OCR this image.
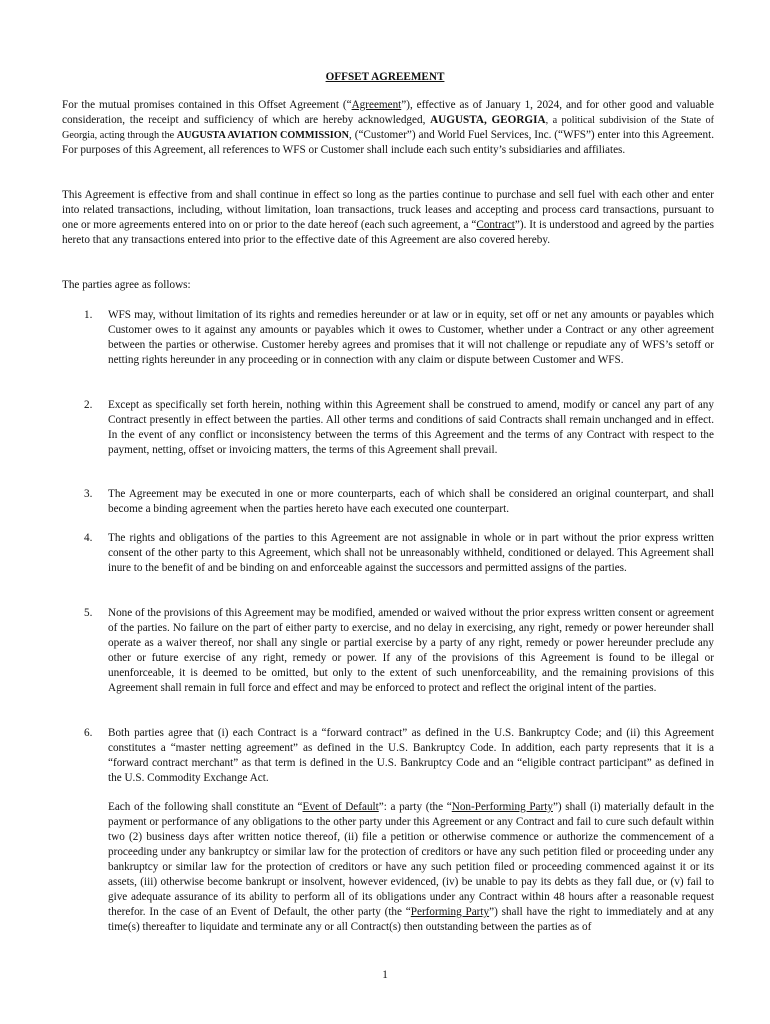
OFFSET AGREEMENT
For the mutual promises contained in this Offset Agreement (“Agreement”), effective as of January 1, 2024, and for other good and valuable consideration, the receipt and sufficiency of which are hereby acknowledged, AUGUSTA, GEORGIA, a political subdivision of the State of Georgia, acting through the AUGUSTA AVIATION COMMISSION, (“Customer”) and World Fuel Services, Inc. (“WFS”) enter into this Agreement. For purposes of this Agreement, all references to WFS or Customer shall include each such entity’s subsidiaries and affiliates.
This Agreement is effective from and shall continue in effect so long as the parties continue to purchase and sell fuel with each other and enter into related transactions, including, without limitation, loan transactions, truck leases and accepting and process card transactions, pursuant to one or more agreements entered into on or prior to the date hereof (each such agreement, a “Contract”). It is understood and agreed by the parties hereto that any transactions entered into prior to the effective date of this Agreement are also covered hereby.
The parties agree as follows:
1.	WFS may, without limitation of its rights and remedies hereunder or at law or in equity, set off or net any amounts or payables which Customer owes to it against any amounts or payables which it owes to Customer, whether under a Contract or any other agreement between the parties or otherwise. Customer hereby agrees and promises that it will not challenge or repudiate any of WFS’s setoff or netting rights hereunder in any proceeding or in connection with any claim or dispute between Customer and WFS.
2.	Except as specifically set forth herein, nothing within this Agreement shall be construed to amend, modify or cancel any part of any Contract presently in effect between the parties. All other terms and conditions of said Contracts shall remain unchanged and in effect. In the event of any conflict or inconsistency between the terms of this Agreement and the terms of any Contract with respect to the payment, netting, offset or invoicing matters, the terms of this Agreement shall prevail.
3.	The Agreement may be executed in one or more counterparts, each of which shall be considered an original counterpart, and shall become a binding agreement when the parties hereto have each executed one counterpart.
4.	The rights and obligations of the parties to this Agreement are not assignable in whole or in part without the prior express written consent of the other party to this Agreement, which shall not be unreasonably withheld, conditioned or delayed. This Agreement shall inure to the benefit of and be binding on and enforceable against the successors and permitted assigns of the parties.
5.	None of the provisions of this Agreement may be modified, amended or waived without the prior express written consent or agreement of the parties. No failure on the part of either party to exercise, and no delay in exercising, any right, remedy or power hereunder shall operate as a waiver thereof, nor shall any single or partial exercise by a party of any right, remedy or power hereunder preclude any other or future exercise of any right, remedy or power. If any of the provisions of this Agreement is found to be illegal or unenforceable, it is deemed to be omitted, but only to the extent of such unenforceability, and the remaining provisions of this Agreement shall remain in full force and effect and may be enforced to protect and reflect the original intent of the parties.
6.	Both parties agree that (i) each Contract is a “forward contract” as defined in the U.S. Bankruptcy Code; and (ii) this Agreement constitutes a “master netting agreement” as defined in the U.S. Bankruptcy Code. In addition, each party represents that it is a “forward contract merchant” as that term is defined in the U.S. Bankruptcy Code and an “eligible contract participant” as defined in the U.S. Commodity Exchange Act.
Each of the following shall constitute an “Event of Default”: a party (the “Non-Performing Party”) shall (i) materially default in the payment or performance of any obligations to the other party under this Agreement or any Contract and fail to cure such default within two (2) business days after written notice thereof, (ii) file a petition or otherwise commence or authorize the commencement of a proceeding under any bankruptcy or similar law for the protection of creditors or have any such petition filed or proceeding under any bankruptcy or similar law for the protection of creditors or have any such petition filed or proceeding commenced against it or its assets, (iii) otherwise become bankrupt or insolvent, however evidenced, (iv) be unable to pay its debts as they fall due, or (v) fail to give adequate assurance of its ability to perform all of its obligations under any Contract within 48 hours after a reasonable request therefor. In the case of an Event of Default, the other party (the “Performing Party”) shall have the right to immediately and at any time(s) thereafter to liquidate and terminate any or all Contract(s) then outstanding between the parties as of
1
